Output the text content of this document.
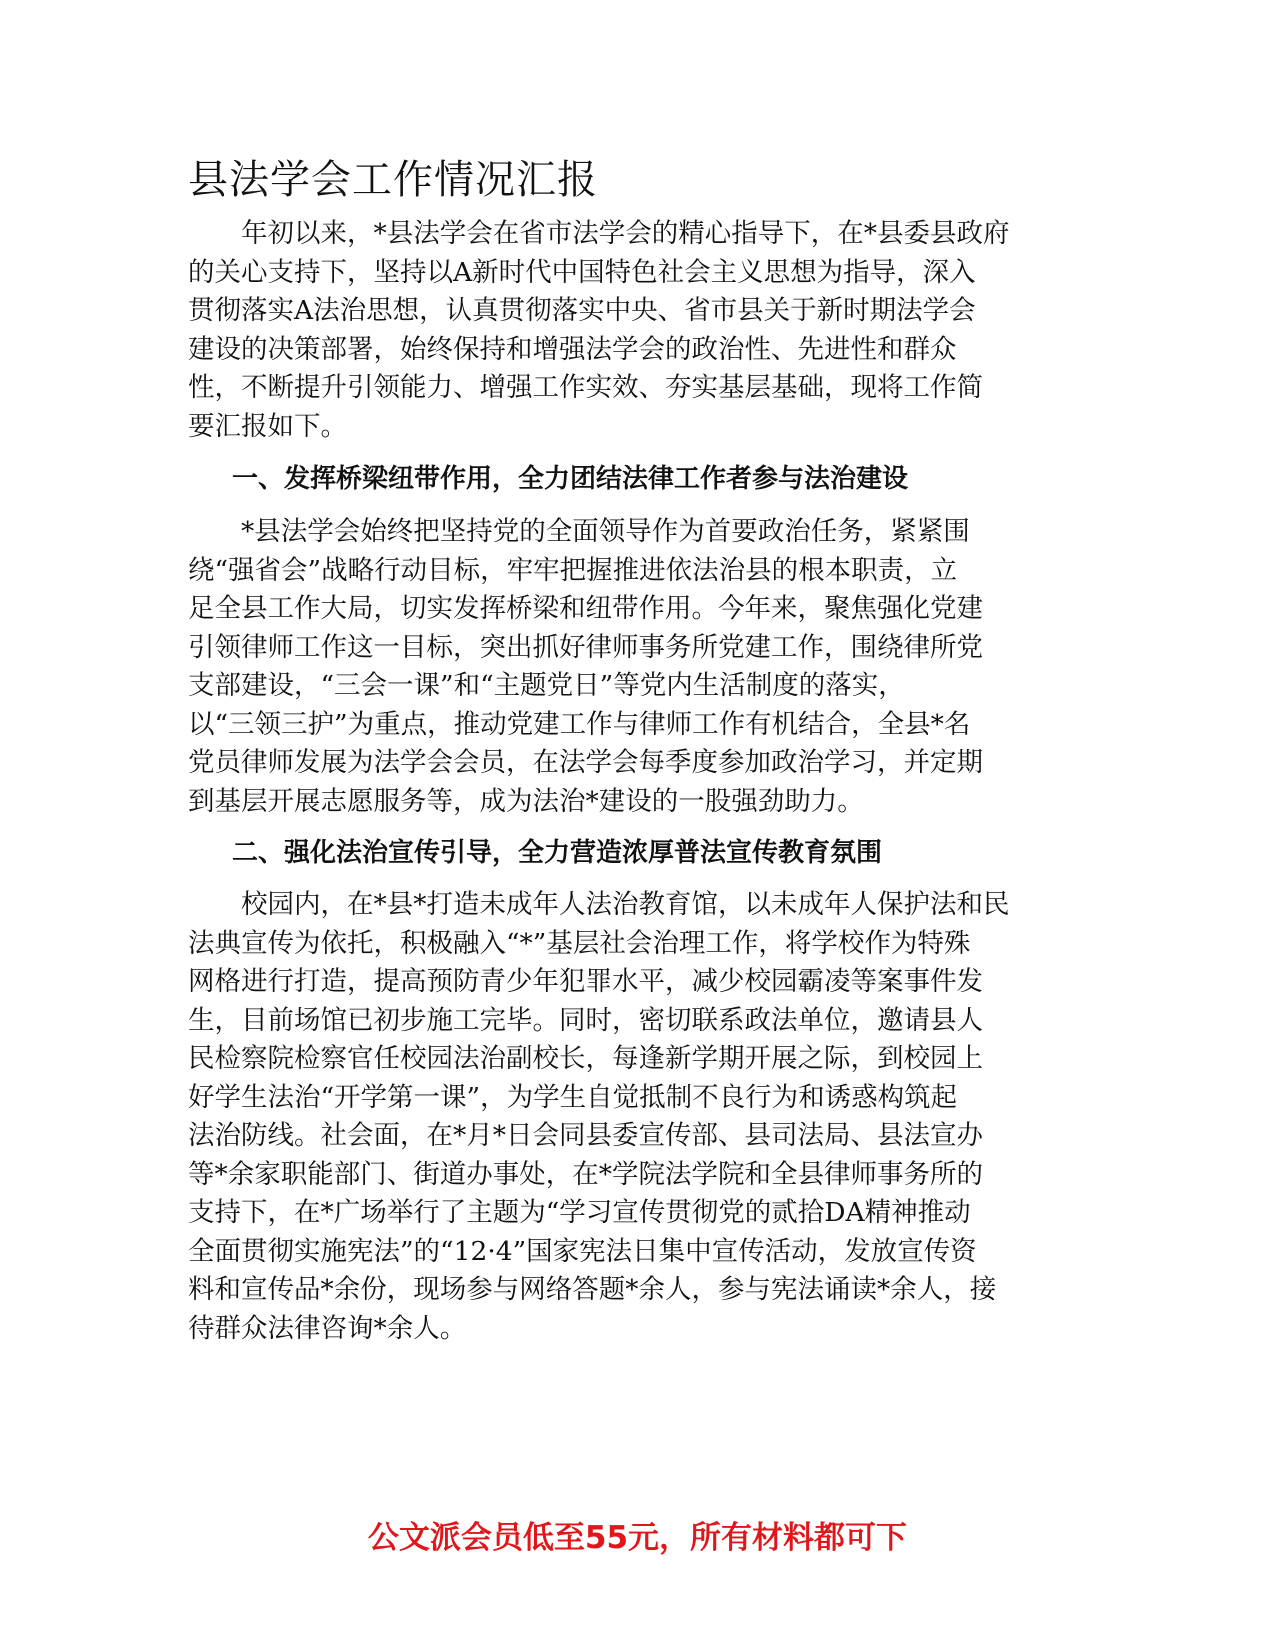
县法学会工作情况汇报

　　年初以来，*县法学会在省市法学会的精心指导下，在*县委县政府
的关心支持下，坚持以A新时代中国特色社会主义思想为指导，深入
贯彻落实A法治思想，认真贯彻落实中央、省市县关于新时期法学会
建设的决策部署，始终保持和增强法学会的政治性、先进性和群众
性，不断提升引领能力、增强工作实效、夯实基层基础，现将工作简
要汇报如下。

一、发挥桥梁纽带作用，全力团结法律工作者参与法治建设

　　*县法学会始终把坚持党的全面领导作为首要政治任务，紧紧围
绕“强省会”战略行动目标，牢牢把握推进依法治县的根本职责，立
足全县工作大局，切实发挥桥梁和纽带作用。今年来，聚焦强化党建
引领律师工作这一目标，突出抓好律师事务所党建工作，围绕律所党
支部建设，“三会一课”和“主题党日”等党内生活制度的落实，
以“三领三护”为重点，推动党建工作与律师工作有机结合，全县*名
党员律师发展为法学会会员，在法学会每季度参加政治学习，并定期
到基层开展志愿服务等，成为法治*建设的一股强劲助力。

二、强化法治宣传引导，全力营造浓厚普法宣传教育氛围

　　校园内，在*县*打造未成年人法治教育馆，以未成年人保护法和民
法典宣传为依托，积极融入“*”基层社会治理工作，将学校作为特殊
网格进行打造，提高预防青少年犯罪水平，减少校园霸凌等案事件发
生，目前场馆已初步施工完毕。同时，密切联系政法单位，邀请县人
民检察院检察官任校园法治副校长，每逢新学期开展之际，到校园上
好学生法治“开学第一课”，为学生自觉抵制不良行为和诱惑构筑起
法治防线。社会面，在*月*日会同县委宣传部、县司法局、县法宣办
等*余家职能部门、街道办事处，在*学院法学院和全县律师事务所的
支持下，在*广场举行了主题为“学习宣传贯彻党的贰拾DA精神推动
全面贯彻实施宪法”的“12·4”国家宪法日集中宣传活动，发放宣传资
料和宣传品*余份，现场参与网络答题*余人，参与宪法诵读*余人，接
待群众法律咨询*余人。

公文派会员低至55元，所有材料都可下
